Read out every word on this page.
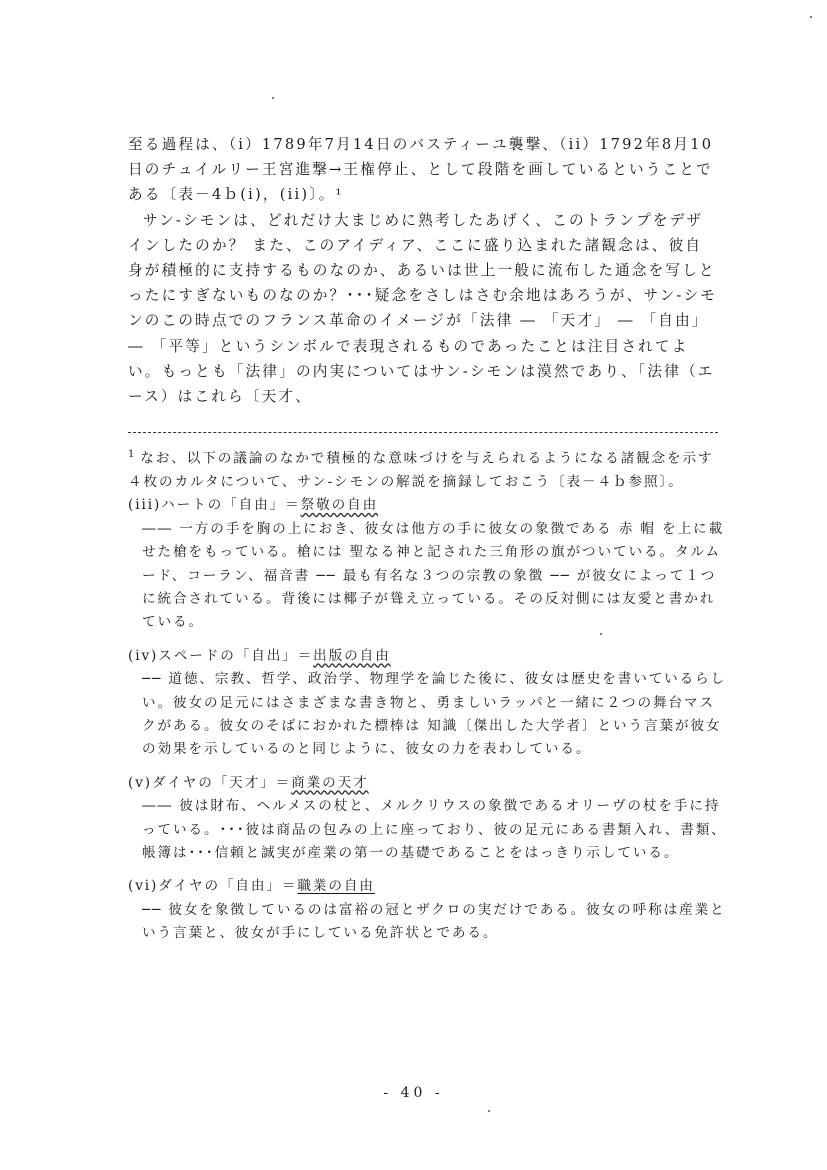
至る過程は、（i）1789年7月14日のバスティーユ襲撃、（ii）1792年8月10日のチュイルリー王宮進撃→王権停止、として段階を画しているということである〔表－4ｂ(i)，(ii)〕。¹

サン-シモンは、どれだけ大まじめに熟考したあげく、このトランプをデザインしたのか？ また、このアイディア、ここに盛り込まれた諸観念は、彼自身が積極的に支持するものなのか、あるいは世上一般に流布した通念を写しとったにすぎないものなのか？･･･疑念をさしはさむ余地はあろうが、サン-シモンのこの時点でのフランス革命のイメージが「法律 ― 「天才」 ― 「自由」 ― 「平等」というシンボルで表現されるものであったことは注目されてよい。もっとも「法律」の内実についてはサン-シモンは漠然であり、「法律（エース）はこれら〔天才、

$^1$ なお、以下の議論のなかで積極的な意味づけを与えられるようになる諸観念を示す４枚のカルタについて、サン-シモンの解説を摘録しておこう〔表－４ｂ参照〕。

(iii)ハートの「自由」＝祭敬の自由

―― 一方の手を胸の上におき、彼女は他方の手に彼女の象徴である 赤 帽 を上に載せた槍をもっている。槍には 聖なる神と記された三角形の旗がついている。タルムード、コーラン、福音書 ── 最も有名な３つの宗教の象徴 ── が彼女によって１つに統合されている。背後には椰子が聳え立っている。その反対側には友愛と書かれている。

(iv)スペードの「自出」＝出版の自由

── 道徳、宗教、哲学、政治学、物理学を論じた後に、彼女は歴史を書いているらしい。彼女の足元にはさまざまな書き物と、勇ましいラッパと一緒に２つの舞台マスクがある。彼女のそばにおかれた標棒は 知識〔傑出した大学者〕という言葉が彼女の効果を示しているのと同じように、彼女の力を表わしている。

(v)ダイヤの「天才」＝商業の天才

―― 彼は財布、ヘルメスの杖と、メルクリウスの象徴であるオリーヴの杖を手に持っている。･･･彼は商品の包みの上に座っており、彼の足元にある書類入れ、書類、帳簿は･･･信頼と誠実が産業の第一の基礎であることをはっきり示している。

(vi)ダイヤの「自由」＝職業の自由

── 彼女を象徴しているのは富裕の冠とザクロの実だけである。彼女の呼称は産業という言葉と、彼女が手にしている免許状とである。

- 40 -
